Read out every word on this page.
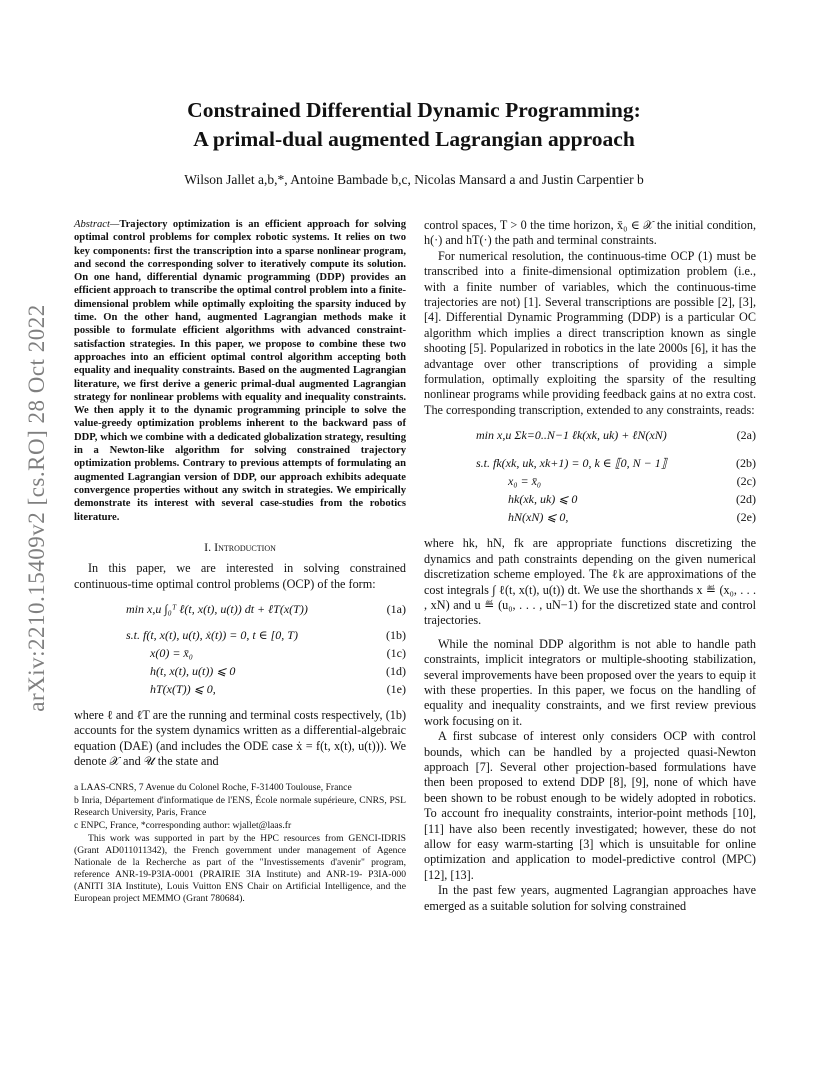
arXiv:2210.15409v2 [cs.RO] 28 Oct 2022
Constrained Differential Dynamic Programming:
A primal-dual augmented Lagrangian approach
Wilson Jallet a,b,*, Antoine Bambade b,c, Nicolas Mansard a and Justin Carpentier b

Abstract—Trajectory optimization is an efficient approach for solving optimal control problems for complex robotic systems. It relies on two key components: first the transcription into a sparse nonlinear program, and second the corresponding solver to iteratively compute its solution. On one hand, differential dynamic programming (DDP) provides an efficient approach to transcribe the optimal control problem into a finite-dimensional problem while optimally exploiting the sparsity induced by time. On the other hand, augmented Lagrangian methods make it possible to formulate efficient algorithms with advanced constraint-satisfaction strategies. In this paper, we propose to combine these two approaches into an efficient optimal control algorithm accepting both equality and inequality constraints. Based on the augmented Lagrangian literature, we first derive a generic primal-dual augmented Lagrangian strategy for nonlinear problems with equality and inequality constraints. We then apply it to the dynamic programming principle to solve the value-greedy optimization problems inherent to the backward pass of DDP, which we combine with a dedicated globalization strategy, resulting in a Newton-like algorithm for solving constrained trajectory optimization problems. Contrary to previous attempts of formulating an augmented Lagrangian version of DDP, our approach exhibits adequate convergence properties without any switch in strategies. We empirically demonstrate its interest with several case-studies from the robotics literature.

I. Introduction

In this paper, we are interested in solving constrained continuous-time optimal control problems (OCP) of the form:

min x,u ∫₀ᵀ ℓ(t, x(t), u(t)) dt + ℓT(x(T))	(1a)
s.t. f(t, x(t), u(t), ẋ(t)) = 0, t ∈ [0, T)	(1b)
x(0) = x̄₀	(1c)
h(t, x(t), u(t)) ⩽ 0	(1d)
hT(x(T)) ⩽ 0,	(1e)

where ℓ and ℓT are the running and terminal costs respectively, (1b) accounts for the system dynamics written as a differential-algebraic equation (DAE) (and includes the ODE case ẋ = f(t, x(t), u(t))). We denote 𝒳 and 𝒰 the state and

a LAAS-CNRS, 7 Avenue du Colonel Roche, F-31400 Toulouse, France

b Inria, Département d'informatique de l'ENS, École normale supérieure, CNRS, PSL Research University, Paris, France

c ENPC, France, *corresponding author: wjallet@laas.fr

This work was supported in part by the HPC resources from GENCI-IDRIS (Grant AD011011342), the French government under management of Agence Nationale de la Recherche as part of the "Investissements d'avenir" program, reference ANR-19-P3IA-0001 (PRAIRIE 3IA Institute) and ANR-19- P3IA-000 (ANITI 3IA Institute), Louis Vuitton ENS Chair on Artificial Intelligence, and the European project MEMMO (Grant 780684).

control spaces, T > 0 the time horizon, x̄₀ ∈ 𝒳 the initial condition, h(·) and hT(·) the path and terminal constraints.

For numerical resolution, the continuous-time OCP (1) must be transcribed into a finite-dimensional optimization problem (i.e., with a finite number of variables, which the continuous-time trajectories are not) [1]. Several transcriptions are possible [2], [3], [4]. Differential Dynamic Programming (DDP) is a particular OC algorithm which implies a direct transcription known as single shooting [5]. Popularized in robotics in the late 2000s [6], it has the advantage over other transcriptions of providing a simple formulation, optimally exploiting the sparsity of the resulting nonlinear programs while providing feedback gains at no extra cost. The corresponding transcription, extended to any constraints, reads:

min x,u Σk=0..N−1 ℓk(xk, uk) + ℓN(xN)	(2a)
s.t. fk(xk, uk, xk+1) = 0, k ∈ ⟦0, N − 1⟧	(2b)
x₀ = x̄₀	(2c)
hk(xk, uk) ⩽ 0	(2d)
hN(xN) ⩽ 0,	(2e)

where hk, hN, fk are appropriate functions discretizing the dynamics and path constraints depending on the given numerical discretization scheme employed. The ℓk are approximations of the cost integrals ∫ ℓ(t, x(t), u(t)) dt. We use the shorthands x ≝ (x₀, . . . , xN) and u ≝ (u₀, . . . , uN−1) for the discretized state and control trajectories.

While the nominal DDP algorithm is not able to handle path constraints, implicit integrators or multiple-shooting stabilization, several improvements have been proposed over the years to equip it with these properties. In this paper, we focus on the handling of equality and inequality constraints, and we first review previous work focusing on it.

A first subcase of interest only considers OCP with control bounds, which can be handled by a projected quasi-Newton approach [7]. Several other projection-based formulations have then been proposed to extend DDP [8], [9], none of which have been shown to be robust enough to be widely adopted in robotics. To account fro inequality constraints, interior-point methods [10], [11] have also been recently investigated; however, these do not allow for easy warm-starting [3] which is unsuitable for online optimization and application to model-predictive control (MPC) [12], [13].

In the past few years, augmented Lagrangian approaches have emerged as a suitable solution for solving constrained
